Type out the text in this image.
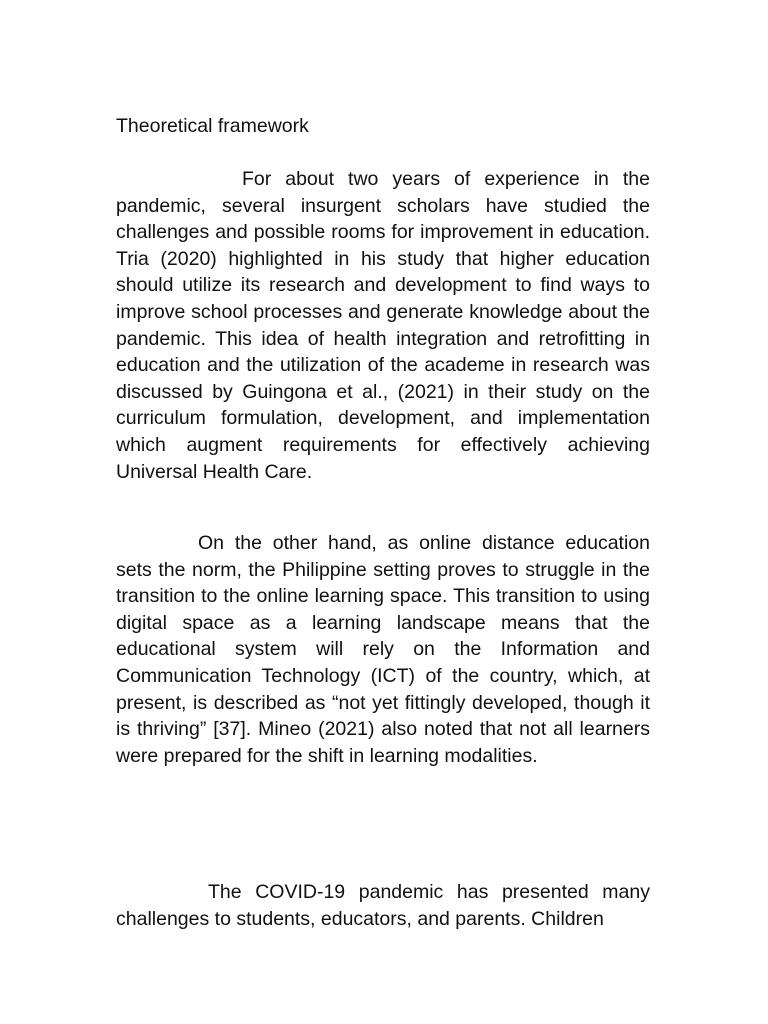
Theoretical framework

For about two years of experience in the pandemic, several insurgent scholars have studied the challenges and possible rooms for improvement in education. Tria (2020) highlighted in his study that higher education should utilize its research and development to find ways to improve school processes and generate knowledge about the pandemic. This idea of health integration and retrofitting in education and the utilization of the academe in research was discussed by Guingona et al., (2021) in their study on the curriculum formulation, development, and implementation which augment requirements for effectively achieving Universal Health Care.

On the other hand, as online distance education sets the norm, the Philippine setting proves to struggle in the transition to the online learning space. This transition to using digital space as a learning landscape means that the educational system will rely on the Information and Communication Technology (ICT) of the country, which, at present, is described as “not yet fittingly developed, though it is thriving” [37]. Mineo (2021) also noted that not all learners were prepared for the shift in learning modalities.

The COVID-19 pandemic has presented many challenges to students, educators, and parents. Children
